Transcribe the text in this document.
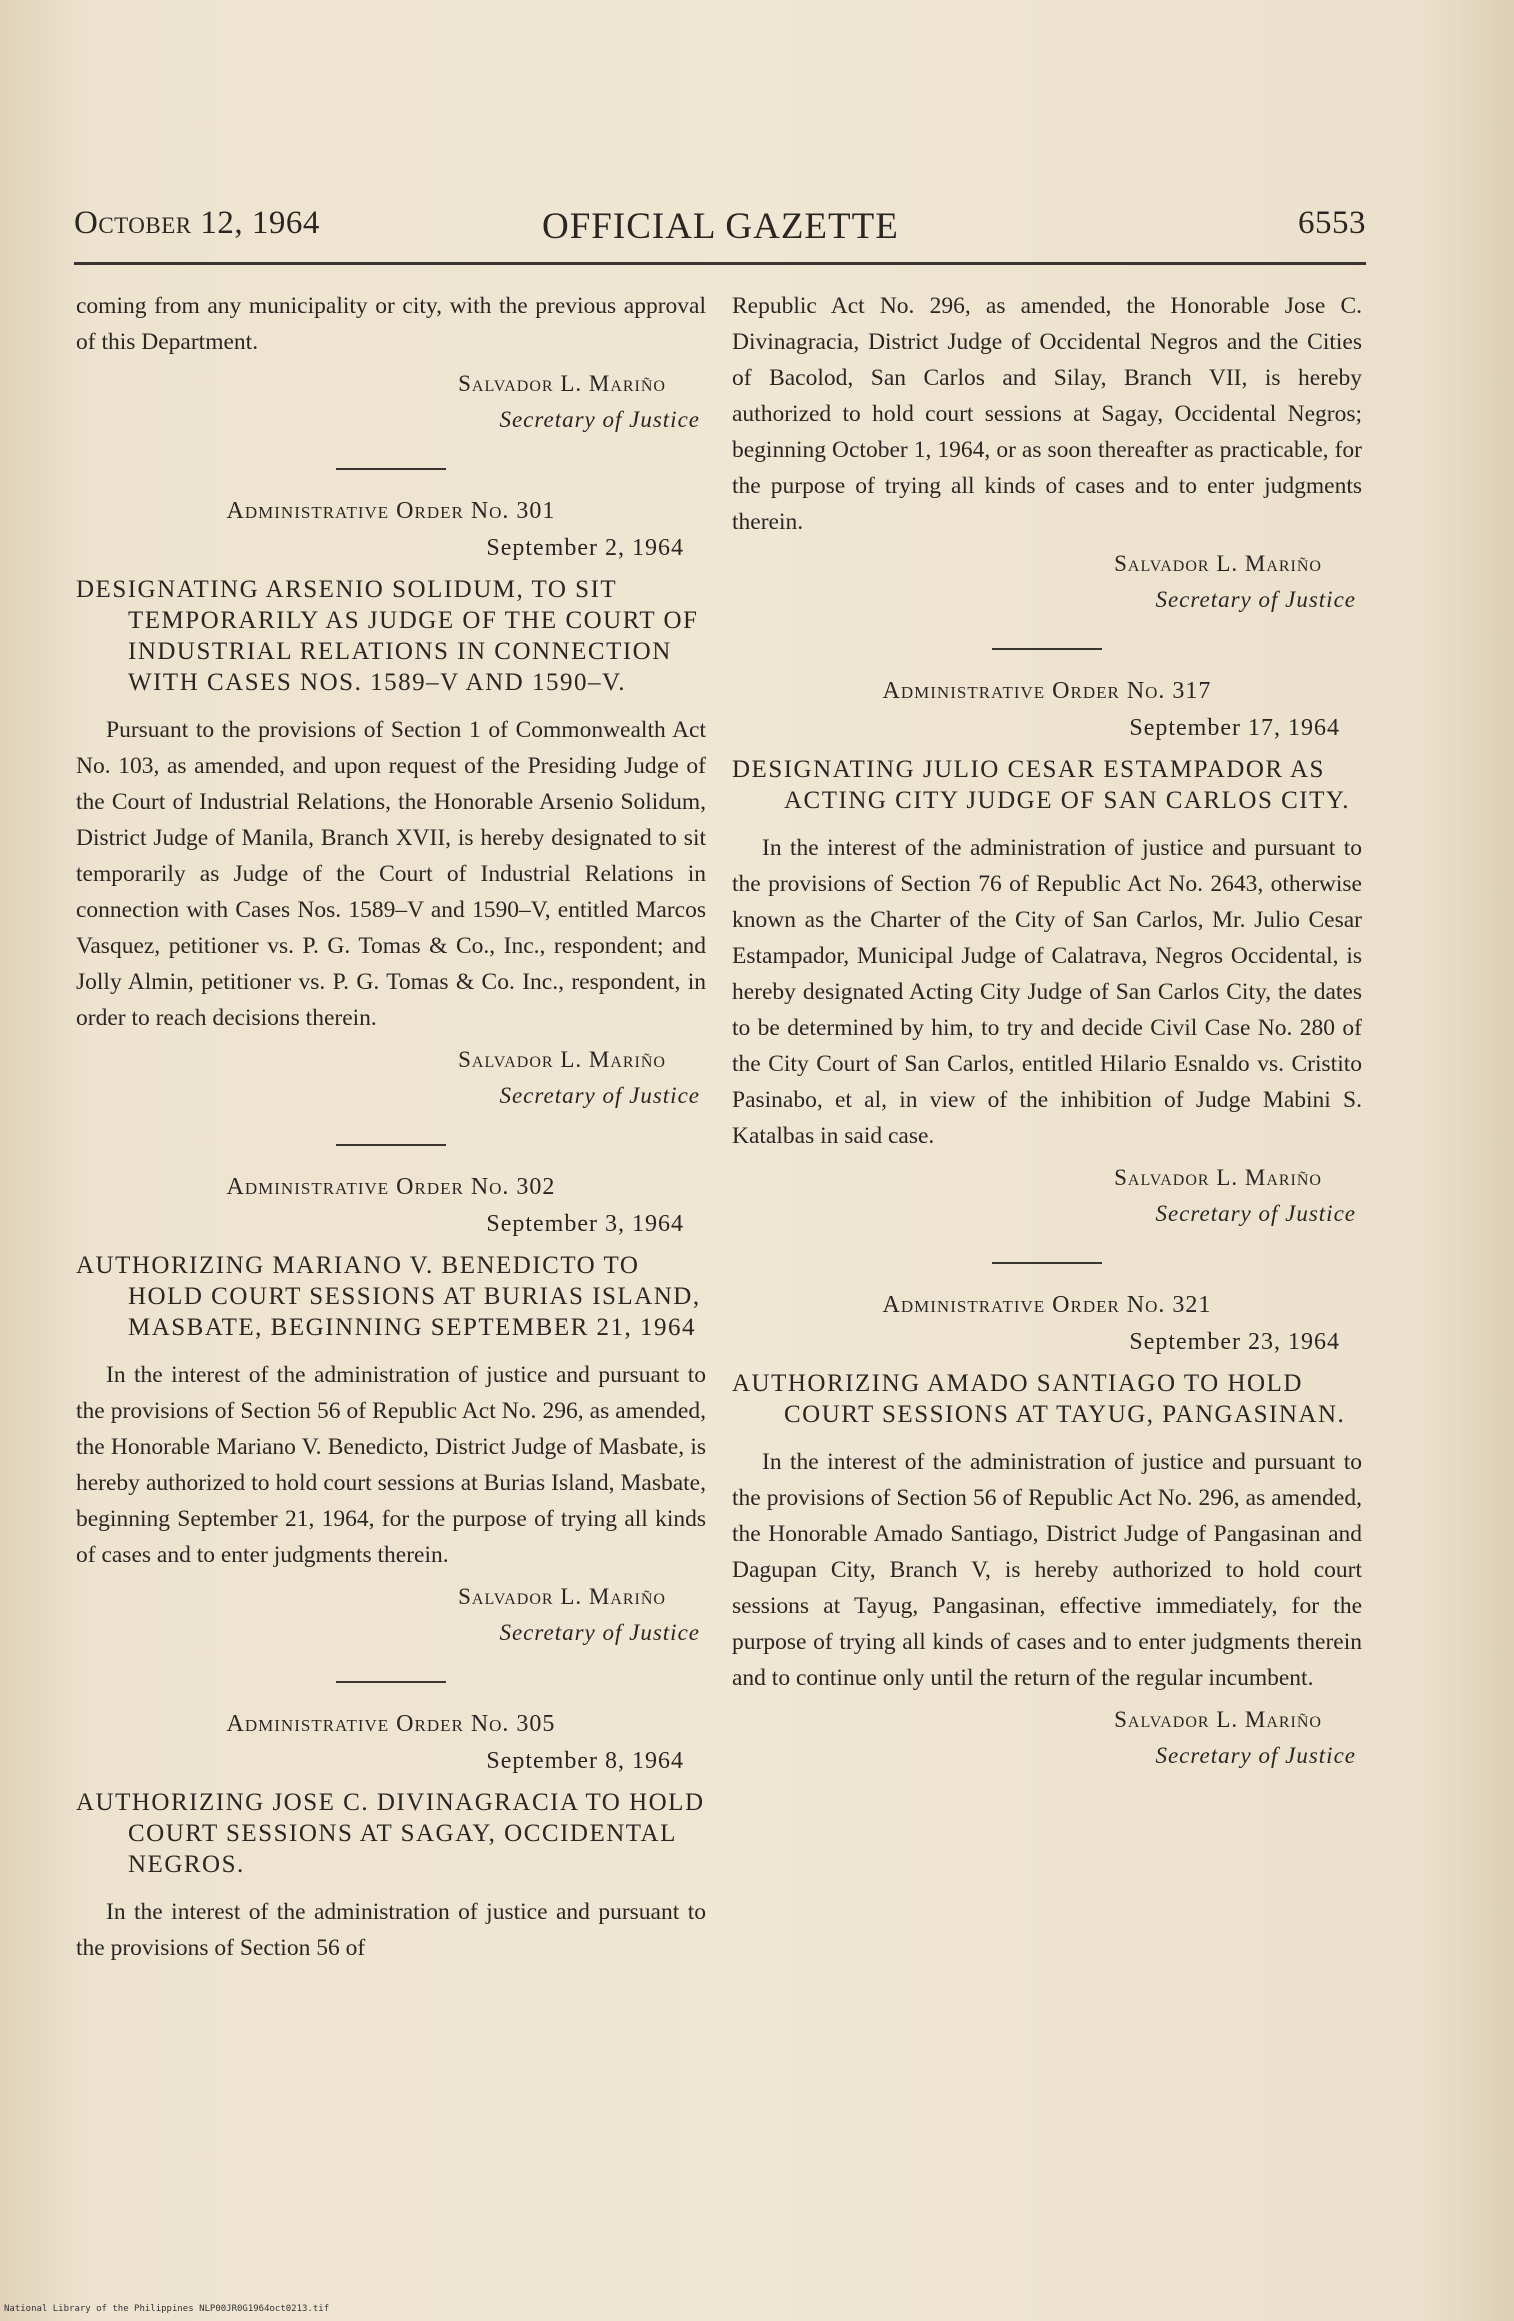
October 12, 1964	OFFICIAL GAZETTE	6553

coming from any municipality or city, with the previous approval of this Department.

Salvador L. Mariño
Secretary of Justice
Administrative Order No. 301
September 2, 1964
DESIGNATING ARSENIO SOLIDUM, TO SIT TEMPORARILY AS JUDGE OF THE COURT OF INDUSTRIAL RELATIONS IN CONNECTION WITH CASES NOS. 1589–V AND 1590–V.

Pursuant to the provisions of Section 1 of Commonwealth Act No. 103, as amended, and upon request of the Presiding Judge of the Court of Industrial Relations, the Honorable Arsenio Solidum, District Judge of Manila, Branch XVII, is hereby designated to sit temporarily as Judge of the Court of Industrial Relations in connection with Cases Nos. 1589–V and 1590–V, entitled Marcos Vasquez, petitioner vs. P. G. Tomas & Co., Inc., respondent; and Jolly Almin, petitioner vs. P. G. Tomas & Co. Inc., respondent, in order to reach decisions therein.

Salvador L. Mariño
Secretary of Justice
Administrative Order No. 302
September 3, 1964
AUTHORIZING MARIANO V. BENEDICTO TO HOLD COURT SESSIONS AT BURIAS ISLAND, MASBATE, BEGINNING SEPTEMBER 21, 1964

In the interest of the administration of justice and pursuant to the provisions of Section 56 of Republic Act No. 296, as amended, the Honorable Mariano V. Benedicto, District Judge of Masbate, is hereby authorized to hold court sessions at Burias Island, Masbate, beginning September 21, 1964, for the purpose of trying all kinds of cases and to enter judgments therein.

Salvador L. Mariño
Secretary of Justice
Administrative Order No. 305
September 8, 1964
AUTHORIZING JOSE C. DIVINAGRACIA TO HOLD COURT SESSIONS AT SAGAY, OCCIDENTAL NEGROS.

In the interest of the administration of justice and pursuant to the provisions of Section 56 of

Republic Act No. 296, as amended, the Honorable Jose C. Divinagracia, District Judge of Occidental Negros and the Cities of Bacolod, San Carlos and Silay, Branch VII, is hereby authorized to hold court sessions at Sagay, Occidental Negros; beginning October 1, 1964, or as soon thereafter as practicable, for the purpose of trying all kinds of cases and to enter judgments therein.

Salvador L. Mariño
Secretary of Justice
Administrative Order No. 317
September 17, 1964
DESIGNATING JULIO CESAR ESTAMPADOR AS ACTING CITY JUDGE OF SAN CARLOS CITY.

In the interest of the administration of justice and pursuant to the provisions of Section 76 of Republic Act No. 2643, otherwise known as the Charter of the City of San Carlos, Mr. Julio Cesar Estampador, Municipal Judge of Calatrava, Negros Occidental, is hereby designated Acting City Judge of San Carlos City, the dates to be determined by him, to try and decide Civil Case No. 280 of the City Court of San Carlos, entitled Hilario Esnaldo vs. Cristito Pasinabo, et al, in view of the inhibition of Judge Mabini S. Katalbas in said case.

Salvador L. Mariño
Secretary of Justice
Administrative Order No. 321
September 23, 1964
AUTHORIZING AMADO SANTIAGO TO HOLD COURT SESSIONS AT TAYUG, PANGASINAN.

In the interest of the administration of justice and pursuant to the provisions of Section 56 of Republic Act No. 296, as amended, the Honorable Amado Santiago, District Judge of Pangasinan and Dagupan City, Branch V, is hereby authorized to hold court sessions at Tayug, Pangasinan, effective immediately, for the purpose of trying all kinds of cases and to enter judgments therein and to continue only until the return of the regular incumbent.

Salvador L. Mariño
Secretary of Justice
National Library of the Philippines NLP00JR0G1964oct0213.tif
